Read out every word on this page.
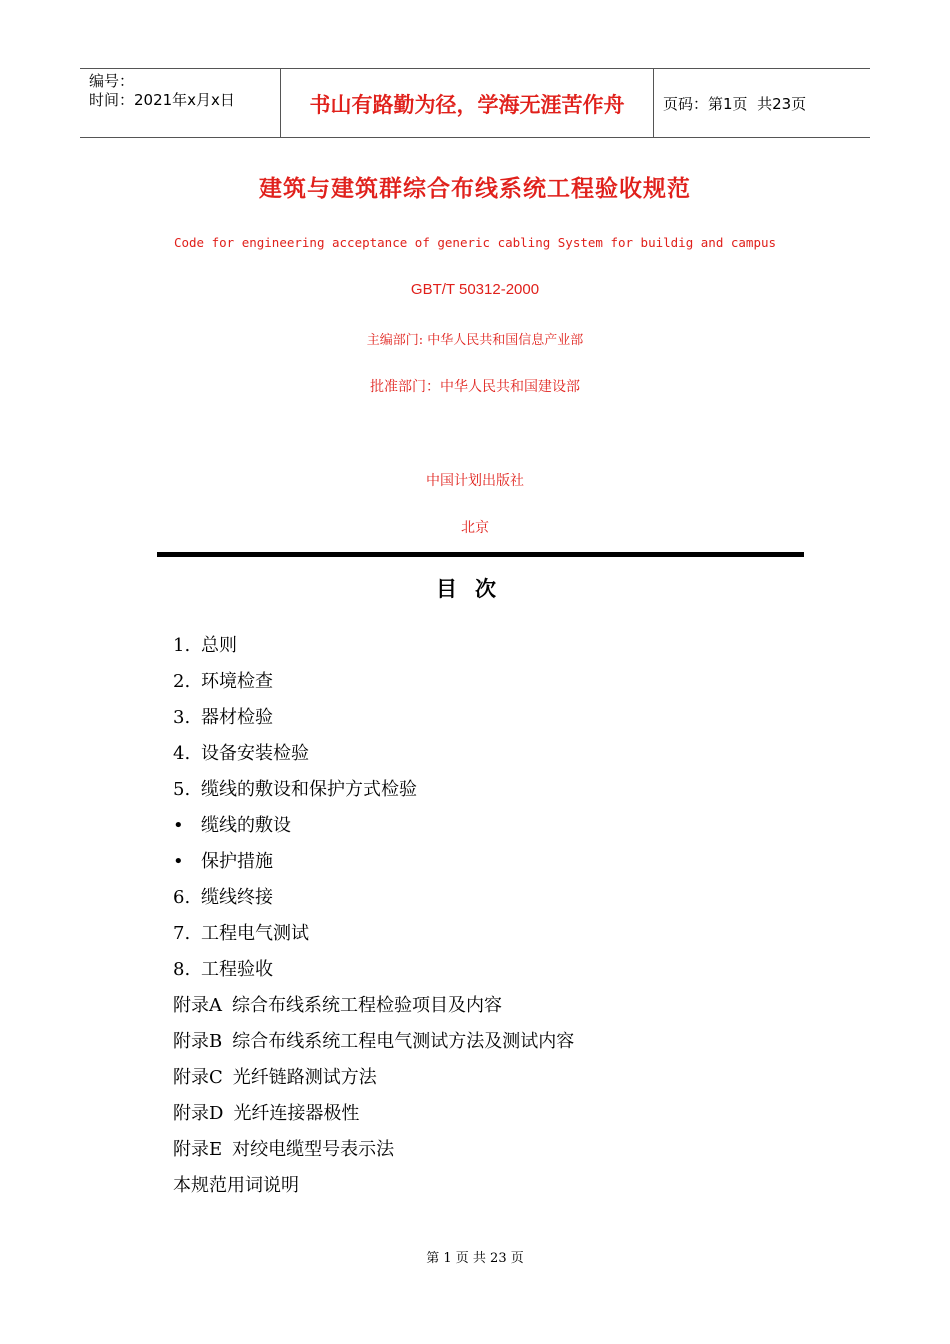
编号：
时间：2021年x月x日	书山有路勤为径，学海无涯苦作舟	页码：第1页  共23页
建筑与建筑群综合布线系统工程验收规范
Code for engineering acceptance of generic cabling System for buildig and campus
GBT/T 50312-2000
主编部门: 中华人民共和国信息产业部
批准部门：中华人民共和国建设部
中国计划出版社
北京
目次
1. 总则
2. 环境检查
3. 器材检验
4. 设备安装检验
5. 缆线的敷设和保护方式检验
• 缆线的敷设
• 保护措施
6. 缆线终接
7. 工程电气测试
8. 工程验收
附录A 综合布线系统工程检验项目及内容
附录B 综合布线系统工程电气测试方法及测试内容
附录C 光纤链路测试方法
附录D 光纤连接器极性
附录E 对绞电缆型号表示法
本规范用词说明
第 1 页 共 23 页
